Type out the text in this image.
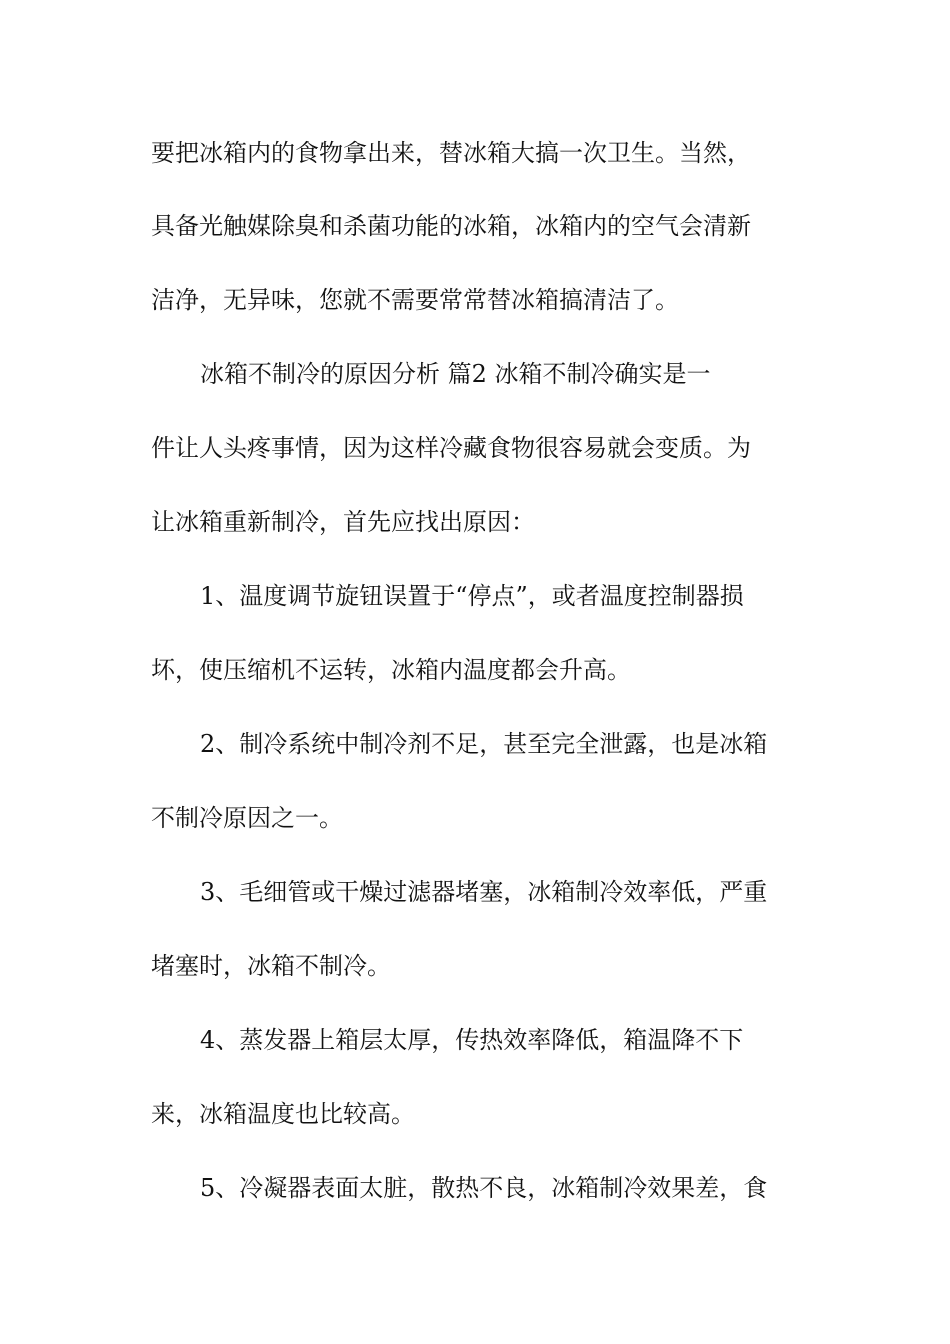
要把冰箱内的食物拿出来，替冰箱大搞一次卫生。当然，
具备光触媒除臭和杀菌功能的冰箱，冰箱内的空气会清新
洁净，无异味，您就不需要常常替冰箱搞清洁了。
冰箱不制冷的原因分析 篇2 冰箱不制冷确实是一
件让人头疼事情，因为这样冷藏食物很容易就会变质。为
让冰箱重新制冷，首先应找出原因：
1、温度调节旋钮误置于“停点”，或者温度控制器损
坏，使压缩机不运转，冰箱内温度都会升高。
2、制冷系统中制冷剂不足，甚至完全泄露，也是冰箱
不制冷原因之一。
3、毛细管或干燥过滤器堵塞，冰箱制冷效率低，严重
堵塞时，冰箱不制冷。
4、蒸发器上箱层太厚，传热效率降低，箱温降不下
来，冰箱温度也比较高。
5、冷凝器表面太脏，散热不良，冰箱制冷效果差，食
